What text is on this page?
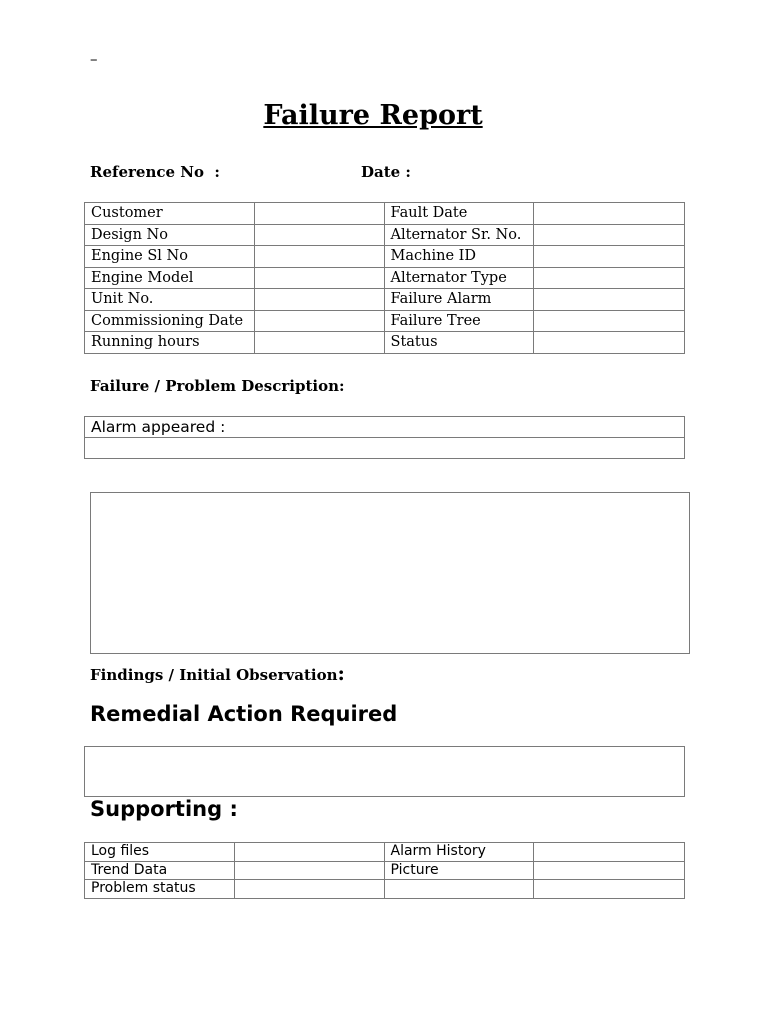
–
Failure Report
Reference No  :	Date :
Customer		Fault Date	
Design No		Alternator Sr. No.	
Engine Sl No		Machine ID	
Engine Model		Alternator Type	
Unit No.		Failure Alarm	
Commissioning Date		Failure Tree	
Running hours		Status	
Failure / Problem Description:
Alarm appeared :

Findings / Initial Observation:
Remedial Action Required
Supporting :
Log files		Alarm History	
Trend Data		Picture	
Problem status			
